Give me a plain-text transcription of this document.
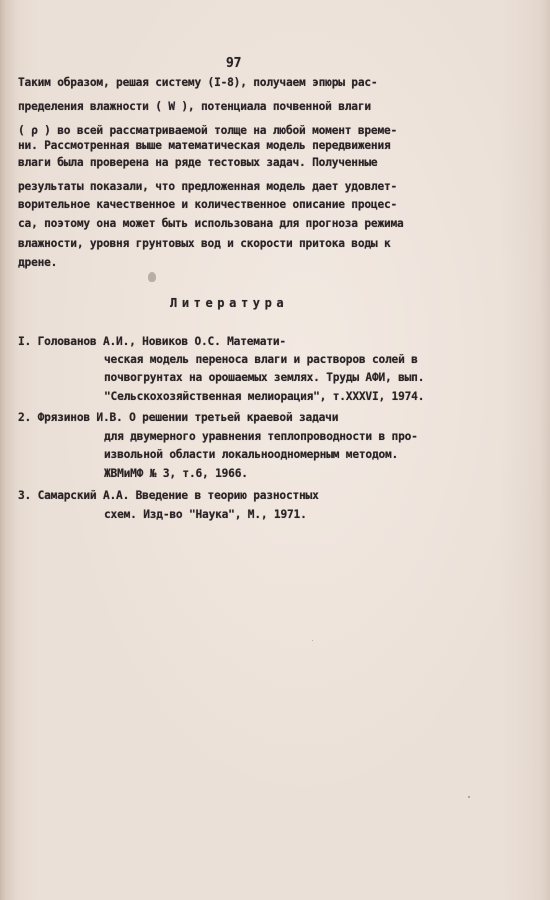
97
Таким образом, решая систему (I-8), получаем эпюры рас-
пределения влажности ( W ), потенциала почвенной влаги
( ρ ) во всей рассматриваемой толще на любой момент време-
ни. Рассмотренная выше математическая модель передвижения
влаги была проверена на ряде тестовых задач. Полученные
результаты показали, что предложенная модель дает удовлет-
ворительное качественное и количественное описание процес-
са, поэтому она может быть использована для прогноза режима
влажности, уровня грунтовых вод и скорости притока воды к
дрене.
Литература
I. Голованов А.И., Новиков О.С. Математи-
ческая модель переноса влаги и растворов солей в
почвогрунтах на орошаемых землях. Труды АФИ, вып.
"Сельскохозяйственная мелиорация", т.XXXVI, 1974.
2. Фрязинов И.В. О решении третьей краевой задачи
для двумерного уравнения теплопроводности в про-
извольной области локальноодномерным методом.
ЖВМиМФ № 3, т.6, 1966.
3. Самарский А.А. Введение в теорию разностных
схем. Изд-во "Наука", М., 1971.
